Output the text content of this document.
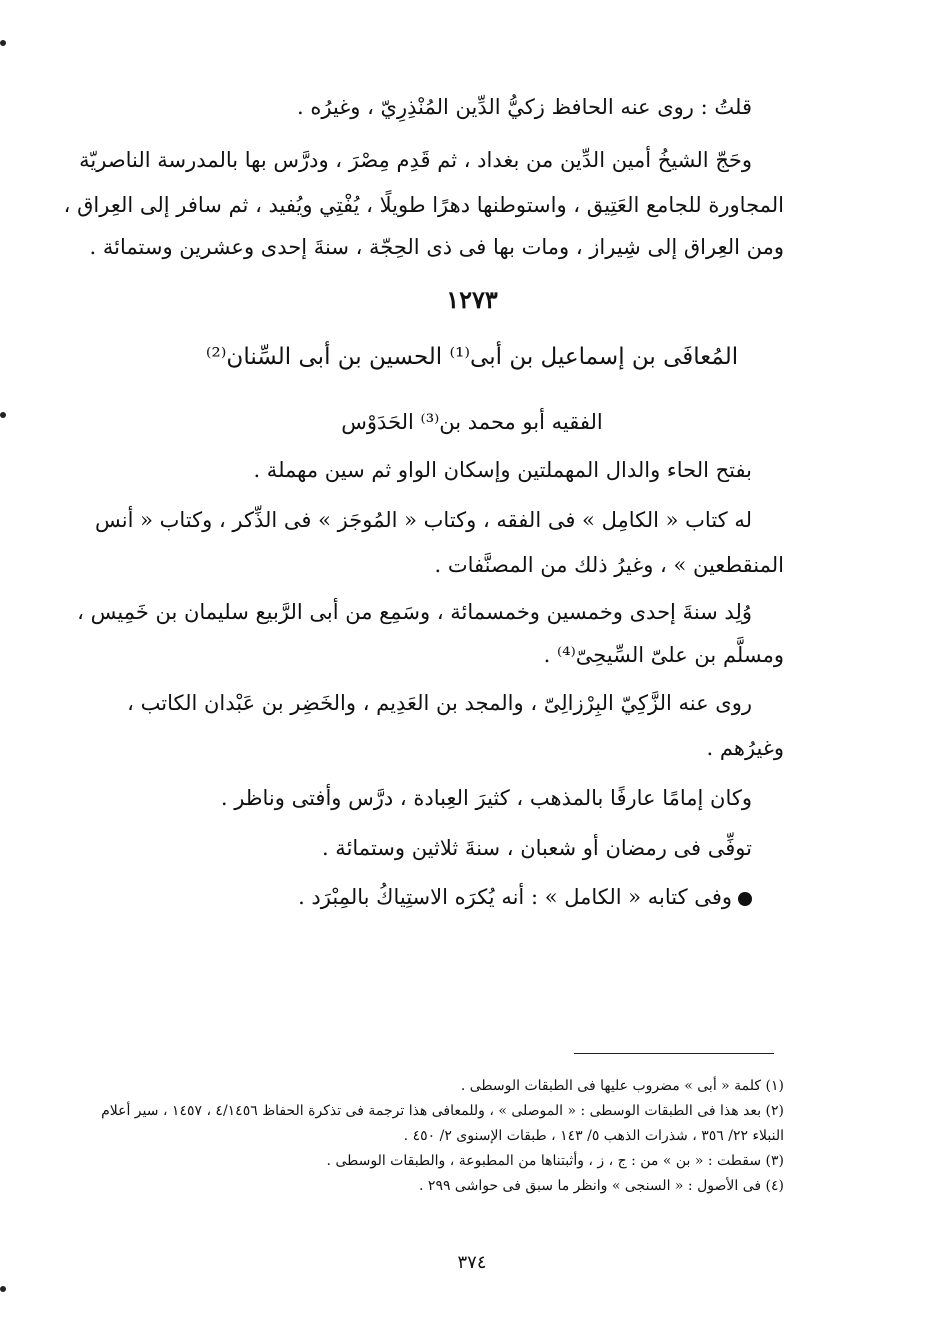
قلتُ : روى عنه الحافظ زكيُّ الدِّين المُنْذِرِيّ ، وغيرُه .
وحَجّ الشيخُ أمين الدِّين من بغداد ، ثم قَدِم مِصْرَ ، ودرَّس بها بالمدرسة الناصريّة
المجاورة للجامع العَتِيق ، واستوطنها دهرًا طويلًا ، يُفْتِي ويُفيد ، ثم سافر إلى العِراق ،
ومن العِراق إلى شِيراز ، ومات بها فى ذى الحِجّة ، سنةَ إحدى وعشرين وستمائة .
١٢٧٣
المُعافَى بن إسماعيل بن أبى⁽¹⁾ الحسين بن أبى السِّنان⁽²⁾
الفقيه أبو محمد بن⁽³⁾ الحَدَوْس
بفتح الحاء والدال المهملتين وإسكان الواو ثم سين مهملة .
له كتاب « الكامِل » فى الفقه ، وكتاب « المُوجَز » فى الذِّكر ، وكتاب « أنس
المنقطعين » ، وغيرُ ذلك من المصنَّفات .
وُلِد سنةَ إحدى وخمسين وخمسمائة ، وسَمِع من أبى الرَّبيع سليمان بن خَمِيس ،
ومسلَّم بن علىّ السِّيحِىّ⁽⁴⁾ .
روى عنه الزَّكِيّ البِرْزالِىّ ، والمجد بن العَدِيم ، والخَضِر بن عَبْدان الكاتب ،
وغيرُهم .
وكان إمامًا عارفًا بالمذهب ، كثيرَ العِبادة ، درَّس وأفتى وناظر .
توفِّى فى رمضان أو شعبان ، سنةَ ثلاثين وستمائة .
وفى كتابه « الكامل » : أنه يُكرَه الاستِياكُ بالمِبْرَد .
(١) كلمة « أبى » مضروب عليها فى الطبقات الوسطى .
(٢) بعد هذا فى الطبقات الوسطى : « الموصلى » ، وللمعافى هذا ترجمة فى تذكرة الحفاظ ٤/١٤٥٦ ، ١٤٥٧ ، سير أعلام
النبلاء ٢٢/ ٣٥٦ ، شذرات الذهب ٥/ ١٤٣ ، طبقات الإسنوى ٢/ ٤٥٠ .
(٣) سقطت : « بن » من : ج ، ز ، وأثبتناها من المطبوعة ، والطبقات الوسطى .
(٤) فى الأصول : « السنجى » وانظر ما سبق فى حواشى ٢٩٩ .
٣٧٤
